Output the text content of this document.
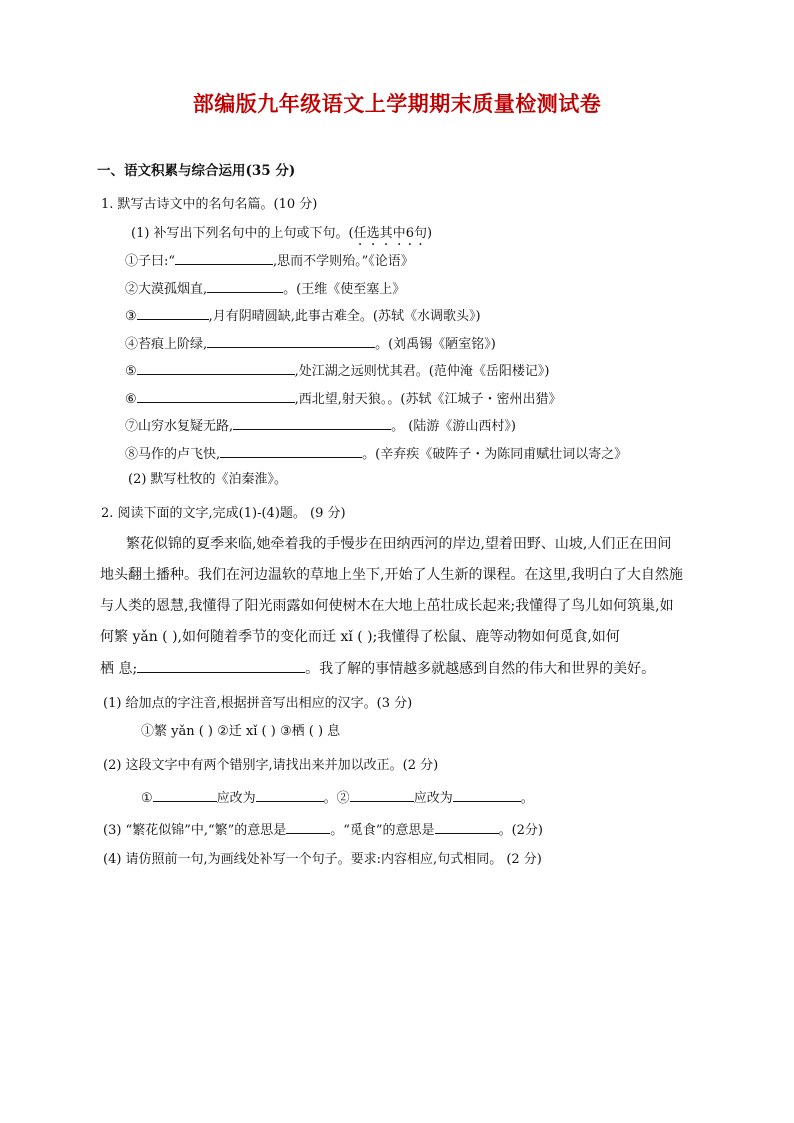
部编版九年级语文上学期期末质量检测试卷
一、语文积累与综合运用(35 分)
1. 默写古诗文中的名句名篇。(10 分)
(1) 补写出下列名句中的上句或下句。(任选其中6 ·句)
①子曰:“	,思而不学则殆。”《论语》
②大漠孤烟直,	。(王维《使至塞上》
③	,月有阴晴圆缺,此事古难全。(苏轼《水调歌头》)
④苔痕上阶绿,	。(刘禹锡《陋室铭》)
⑤	,处江湖之远则忧其君。(范仲淹《岳阳楼记》)
⑥	,西北望,射天狼。。(苏轼《江城子・密州出猎》
⑦山穷水复疑无路,	。 (陆游《游山西村》)
⑧马作的卢飞快,	。(辛弃疾《破阵子・为陈同甫赋壮词以寄之》
(2) 默写杜牧的《泊秦淮》。
2. 阅读下面的文字,完成(1)-(4)题。 (9 分)
繁花似锦的夏季来临,她牵着我的手慢步在田纳西河的岸边,望着田野、山坡,人们正在田间
地头翻土播种。我们在河边温软的草地上坐下,开始了人生新的课程。在这里,我明白了大自然施
与人类的恩慧,我懂得了阳光雨露如何使树木在大地上茁壮成长起来;我懂得了鸟儿如何筑巢,如
何繁 yǎn ( ),如何随着季节的变化而迁 xǐ ( );我懂得了松鼠、鹿等动物如何觅食,如何
栖 息;	。我了解的事情越多就越感到自然的伟大和世界的美好。
(1) 给加点的字注音,根据拼音写出相应的汉字。(3 分)
①繁 yǎn ( ) ②迁 xǐ ( ) ③栖 ( ) 息
(2) 这段文字中有两个错别字,请找出来并加以改正。(2 分)
①	应改为	。②	应改为	。
(3) “繁花似锦”中,“繁”的意思是	。“觅食”的意思是	。(2分)
(4) 请仿照前一句,为画线处补写一个句子。要求:内容相应,句式相同。 (2 分)
